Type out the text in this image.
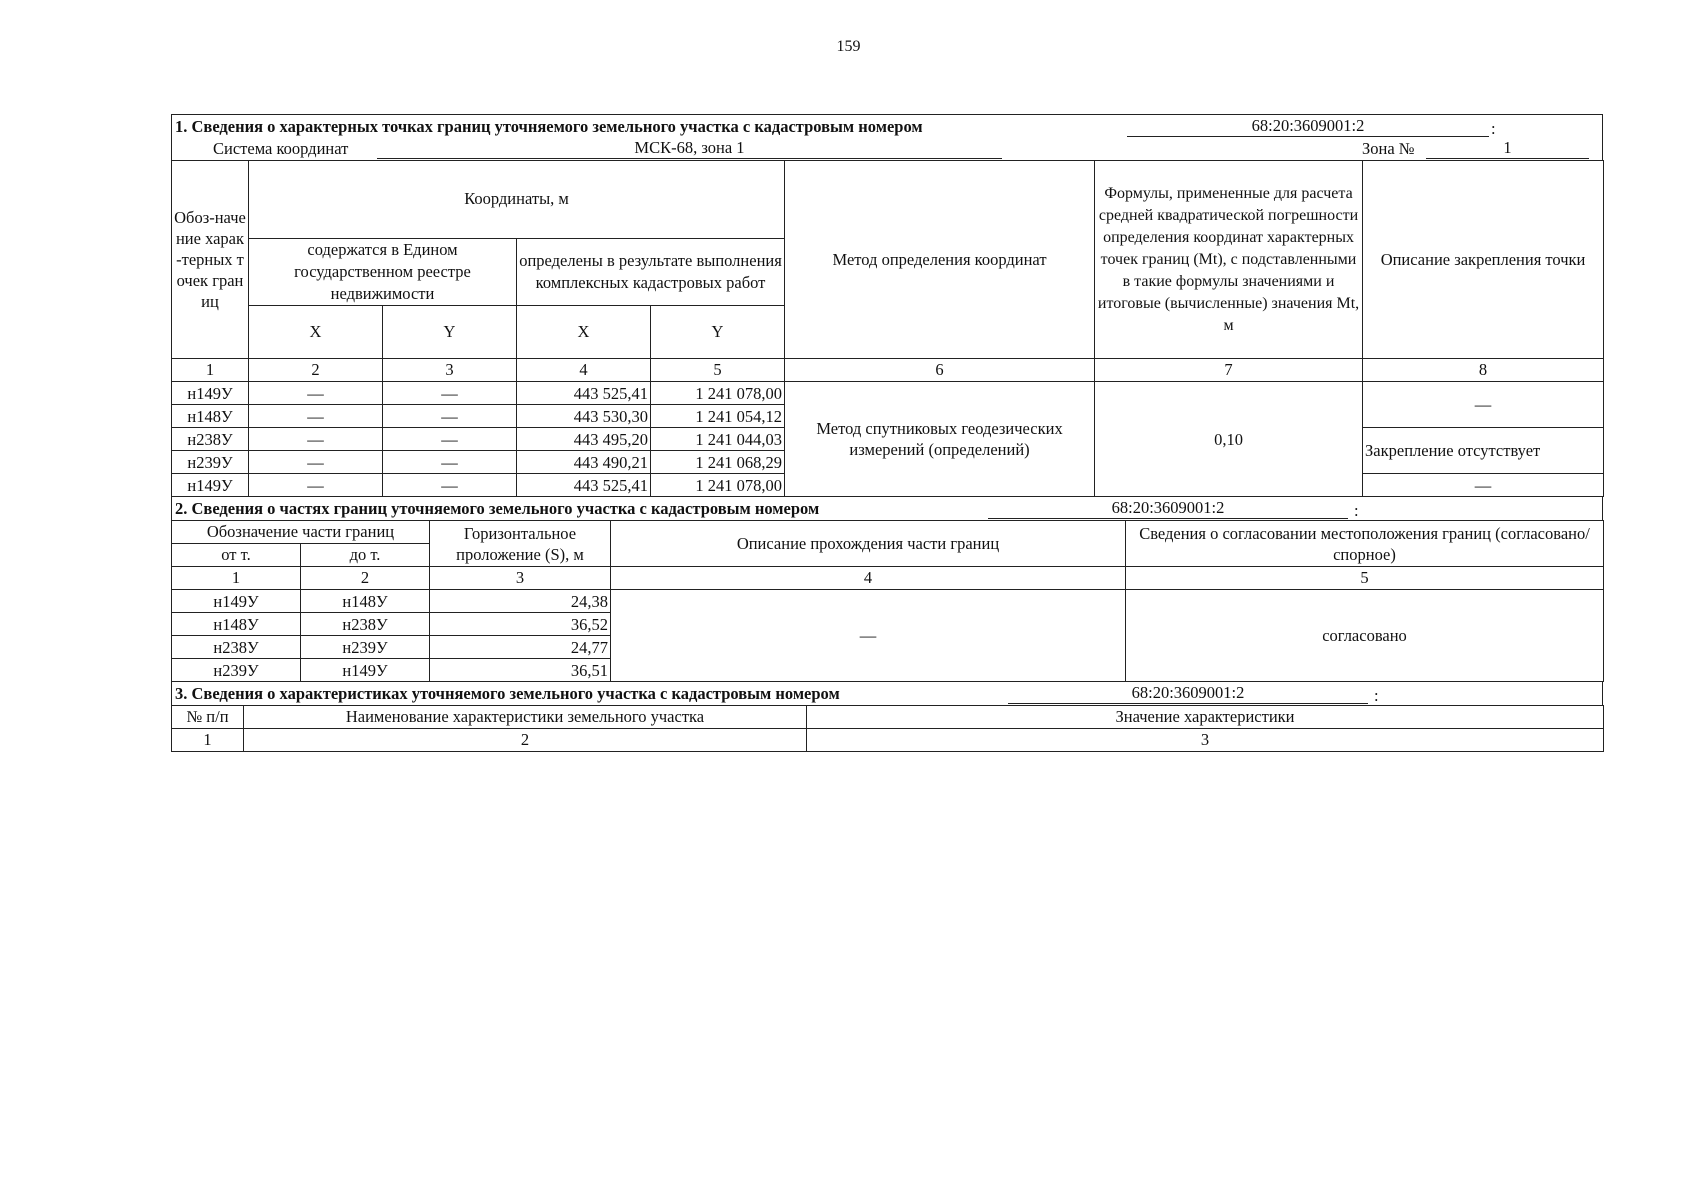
159
1. Сведения о характерных точках границ уточняемого земельного участка с кадастровым номером	68:20:3609001:2	:
Система координат	МСК-68, зона 1	Зона №	1
Обоз-начение харак-терных точек границ	Координаты, м				Метод определения координат	Формулы, примененные для расчета средней квадратической погрешности определения координат характерных точек границ (Mt), с подставленными в такие формулы значениями и итоговые (вычисленные) значения Mt, м	Описание закрепления точки
	содержатся в Едином государственном реестре недвижимости		определены в результате выполнения комплексных кадастровых работ				
	X	Y	X	Y			
1	2	3	4	5	6	7	8
н149У	—	—	443 525,41	1 241 078,00	Метод спутниковых геодезических измерений (определений)	0,10	—
н148У	—	—	443 530,30	1 241 054,12			
н238У	—	—	443 495,20	1 241 044,03			Закрепление отсутствует
н239У	—	—	443 490,21	1 241 068,29			
н149У	—	—	443 525,41	1 241 078,00			—
2. Сведения о частях границ уточняемого земельного участка с кадастровым номером	68:20:3609001:2	:
Обозначение части границ		Горизонтальное проложение (S), м	Описание прохождения части границ	Сведения о согласовании местоположения границ (согласовано/спорное)
от т.	до т.			
1	2	3	4	5
н149У	н148У	24,38	—	согласовано
н148У	н238У	36,52		
н238У	н239У	24,77		
н239У	н149У	36,51		
3. Сведения о характеристиках уточняемого земельного участка с кадастровым номером	68:20:3609001:2	:
№ п/п	Наименование характеристики земельного участка	Значение характеристики
1	2	3
